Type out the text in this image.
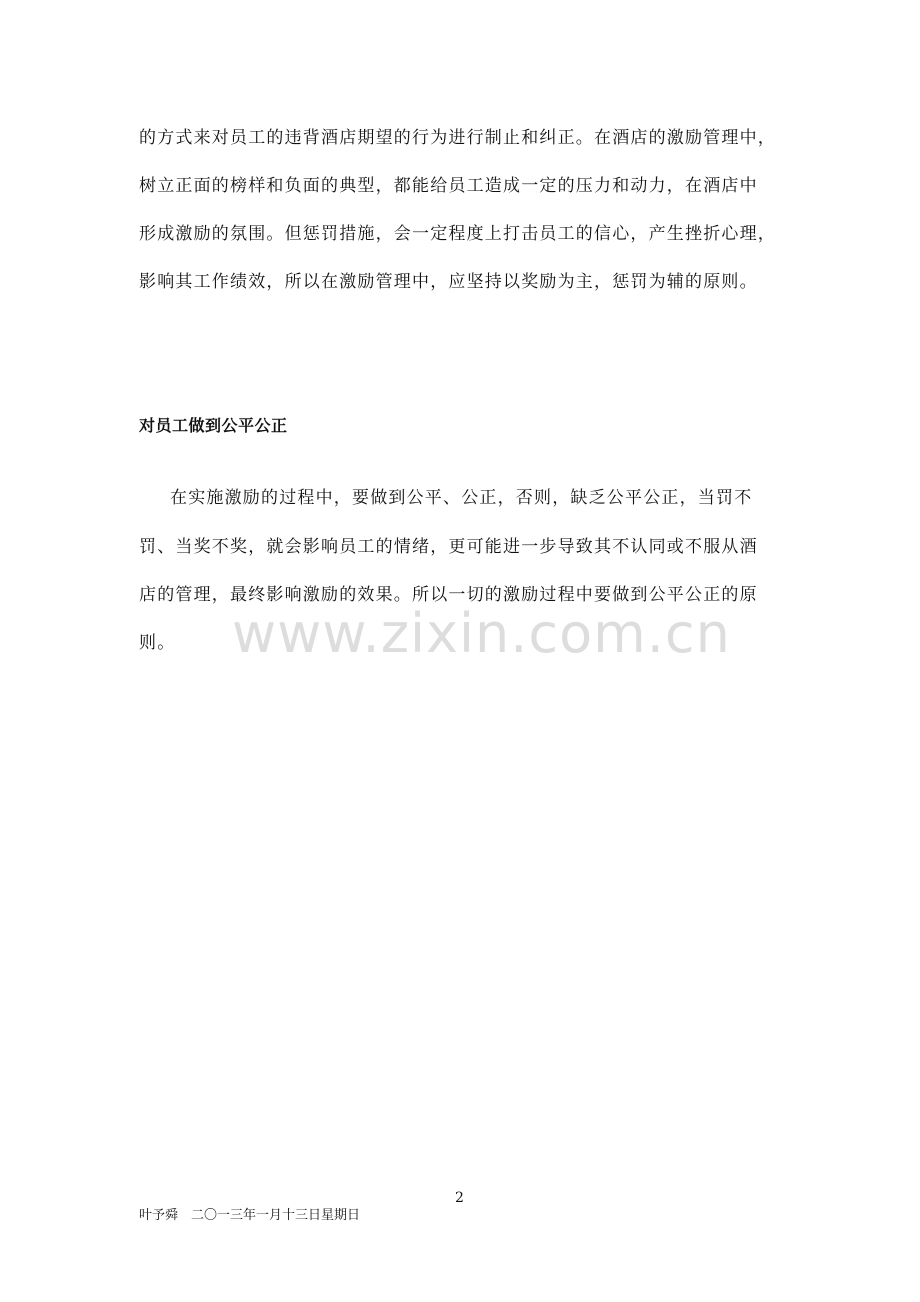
的方式来对员工的违背酒店期望的行为进行制止和纠正。在酒店的激励管理中，
树立正面的榜样和负面的典型，都能给员工造成一定的压力和动力，在酒店中
形成激励的氛围。但惩罚措施，会一定程度上打击员工的信心，产生挫折心理，
影响其工作绩效，所以在激励管理中，应坚持以奖励为主，惩罚为辅的原则。
对员工做到公平公正
在实施激励的过程中，要做到公平、公正，否则，缺乏公平公正，当罚不
罚、当奖不奖，就会影响员工的情绪，更可能进一步导致其不认同或不服从酒
店的管理，最终影响激励的效果。所以一切的激励过程中要做到公平公正的原
则。 www.zixin.com.cn
2
叶予舜　二〇一三年一月十三日星期日
